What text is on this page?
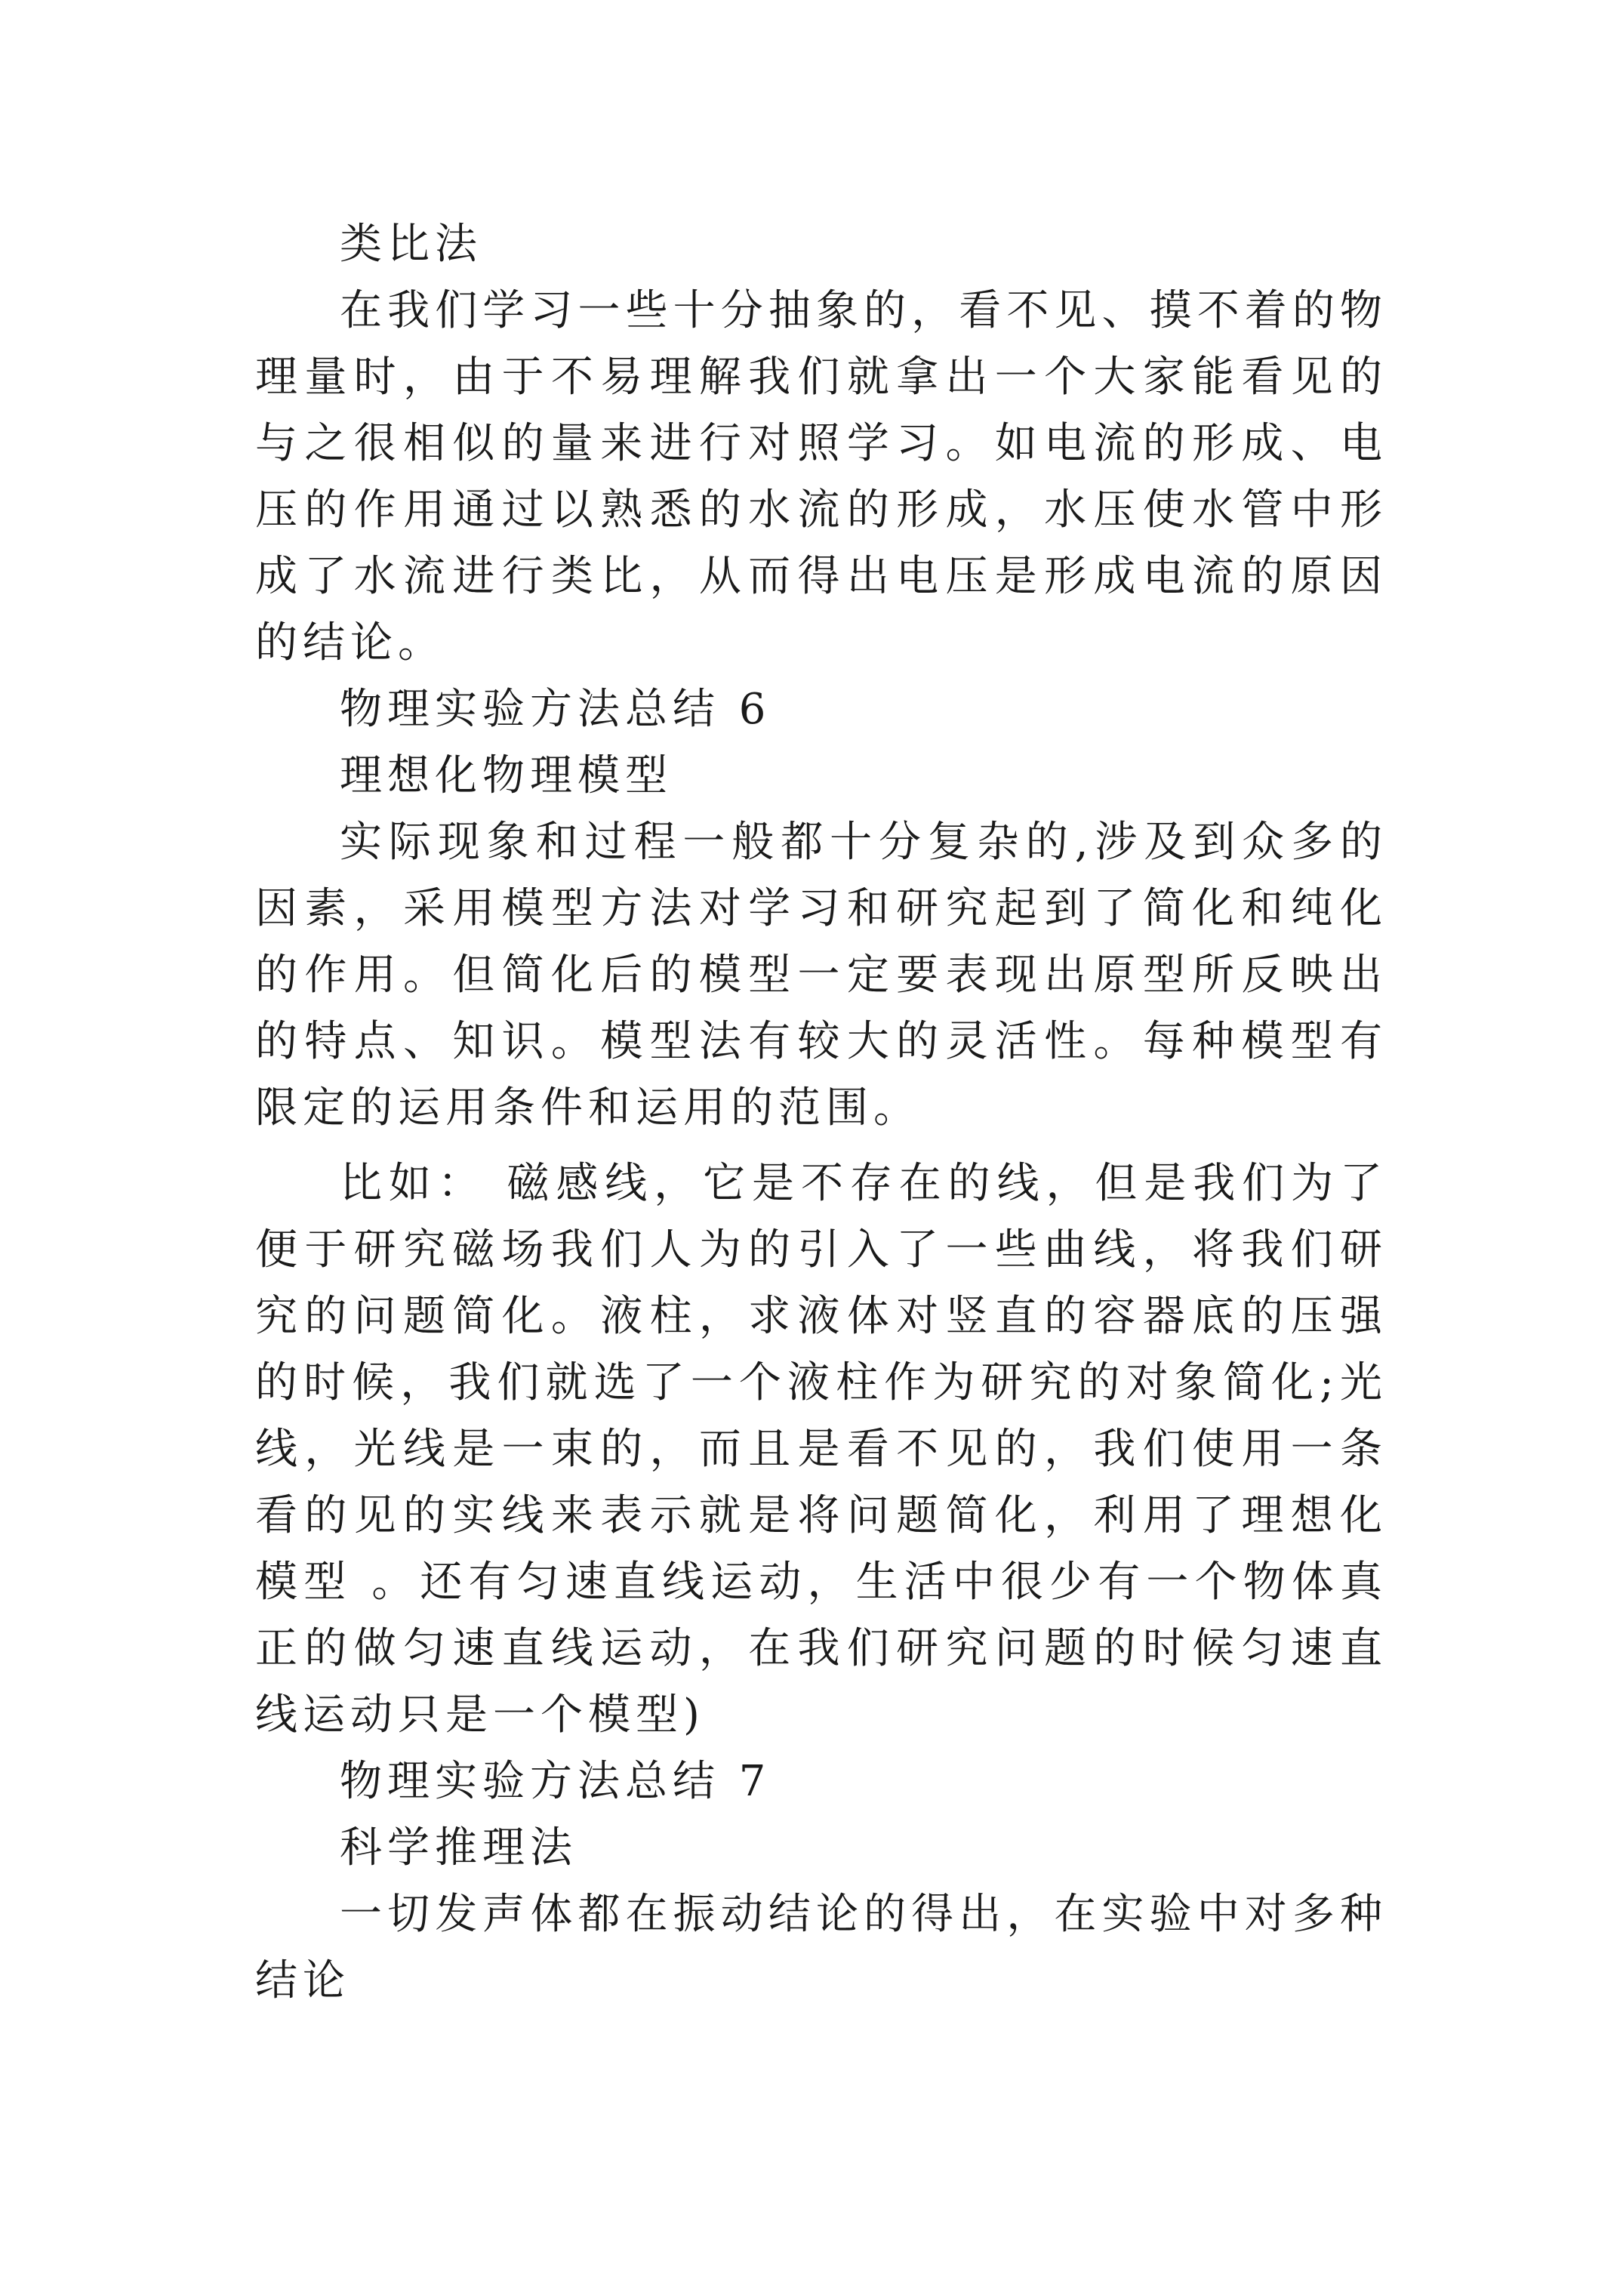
类比法

在我们学习一些十分抽象的，看不见、摸不着的物理量时，由于不易理解我们就拿出一个大家能看见的与之很相似的量来进行对照学习。如电流的形成、电压的作用通过以熟悉的水流的形成，水压使水管中形成了水流进行类比，从而得出电压是形成电流的原因的结论。

物理实验方法总结 6

理想化物理模型

实际现象和过程一般都十分复杂的,涉及到众多的因素，采用模型方法对学习和研究起到了简化和纯化的作用。但简化后的模型一定要表现出原型所反映出的特点、知识。模型法有较大的灵活性。每种模型有限定的运用条件和运用的范围。

比如： 磁感线，它是不存在的线，但是我们为了便于研究磁场我们人为的引入了一些曲线，将我们研究的问题简化。液柱，求液体对竖直的容器底的压强的时候，我们就选了一个液柱作为研究的对象简化;光线，光线是一束的，而且是看不见的，我们使用一条看的见的实线来表示就是将问题简化，利用了理想化模型 。还有匀速直线运动，生活中很少有一个物体真正的做匀速直线运动，在我们研究问题的时候匀速直线运动只是一个模型)

物理实验方法总结 7

科学推理法

一切发声体都在振动结论的得出，在实验中对多种结论
